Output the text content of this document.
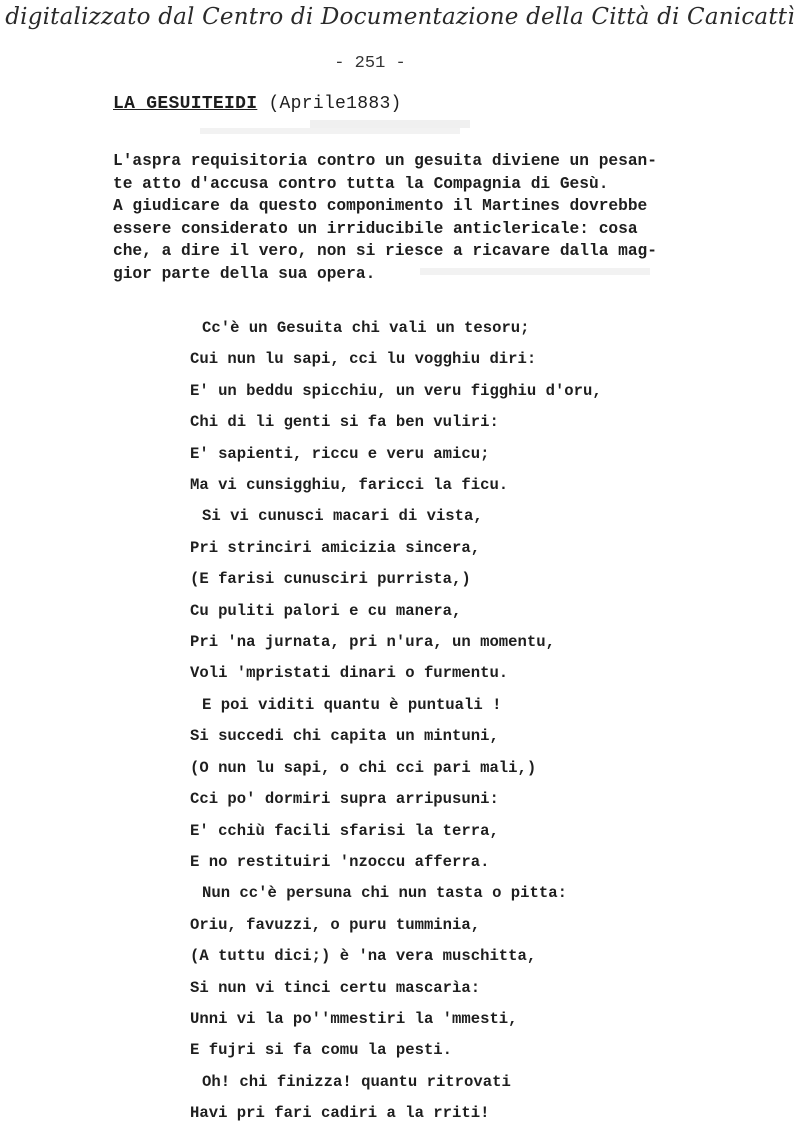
digitalizzato dal Centro di Documentazione della Città di Canicattì
- 251 -
LA GESUITEIDI (Aprile1883)

L'aspra requisitoria contro un gesuita diviene un pesan-

te atto d'accusa contro tutta la Compagnia di Gesù.

A giudicare da questo componimento il Martines dovrebbe

essere considerato un irriducibile anticlericale: cosa

che, a dire il vero, non si riesce a ricavare dalla mag-

gior parte della sua opera.

Cc'è un Gesuita chi vali un tesoru;

Cui nun lu sapi, cci lu vogghiu diri:

E' un beddu spicchiu, un veru figghiu d'oru,

Chi di li genti si fa ben vuliri:

E' sapienti, riccu e veru amicu;

Ma vi cunsigghiu, faricci la ficu.

Si vi cunusci macari di vista,

Pri strinciri amicizia sincera,

(E farisi cunusciri purrista,)

Cu puliti palori e cu manera,

Pri 'na jurnata, pri n'ura, un momentu,

Voli 'mpristati dinari o furmentu.

E poi viditi quantu è puntuali !

Si succedi chi capita un mintuni,

(O nun lu sapi, o chi cci pari mali,)

Cci po' dormiri supra arripusuni:

E' cchiù facili sfarisi la terra,

E no restituiri 'nzoccu afferra.

Nun cc'è persuna chi nun tasta o pitta:

Oriu, favuzzi, o puru tumminia,

(A tuttu dici;) è 'na vera muschitta,

Si nun vi tinci certu mascarìa:

Unni vi la po''mmestiri la 'mmesti,

E fujri si fa comu la pesti.

Oh! chi finizza! quantu ritrovati

Havi pri fari cadiri a la rriti!
